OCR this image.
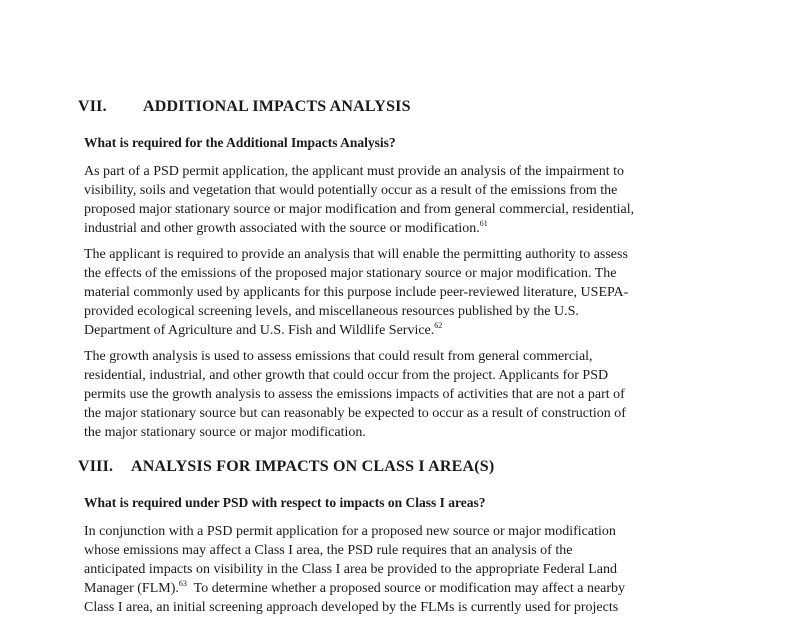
VII. ADDITIONAL IMPACTS ANALYSIS
What is required for the Additional Impacts Analysis?
As part of a PSD permit application, the applicant must provide an analysis of the impairment to
visibility, soils and vegetation that would potentially occur as a result of the emissions from the
proposed major stationary source or major modification and from general commercial, residential,
industrial and other growth associated with the source or modification.$^{61}$
The applicant is required to provide an analysis that will enable the permitting authority to assess
the effects of the emissions of the proposed major stationary source or major modification. The
material commonly used by applicants for this purpose include peer-reviewed literature, USEPA-
provided ecological screening levels, and miscellaneous resources published by the U.S.
Department of Agriculture and U.S. Fish and Wildlife Service.$^{62}$
The growth analysis is used to assess emissions that could result from general commercial,
residential, industrial, and other growth that could occur from the project. Applicants for PSD
permits use the growth analysis to assess the emissions impacts of activities that are not a part of
the major stationary source but can reasonably be expected to occur as a result of construction of
the major stationary source or major modification.
VIII. ANALYSIS FOR IMPACTS ON CLASS I AREA(S)
What is required under PSD with respect to impacts on Class I areas?
In conjunction with a PSD permit application for a proposed new source or major modification
whose emissions may affect a Class I area, the PSD rule requires that an analysis of the
anticipated impacts on visibility in the Class I area be provided to the appropriate Federal Land
Manager (FLM).$^{63}$  To determine whether a proposed source or modification may affect a nearby
Class I area, an initial screening approach developed by the FLMs is currently used for projects
